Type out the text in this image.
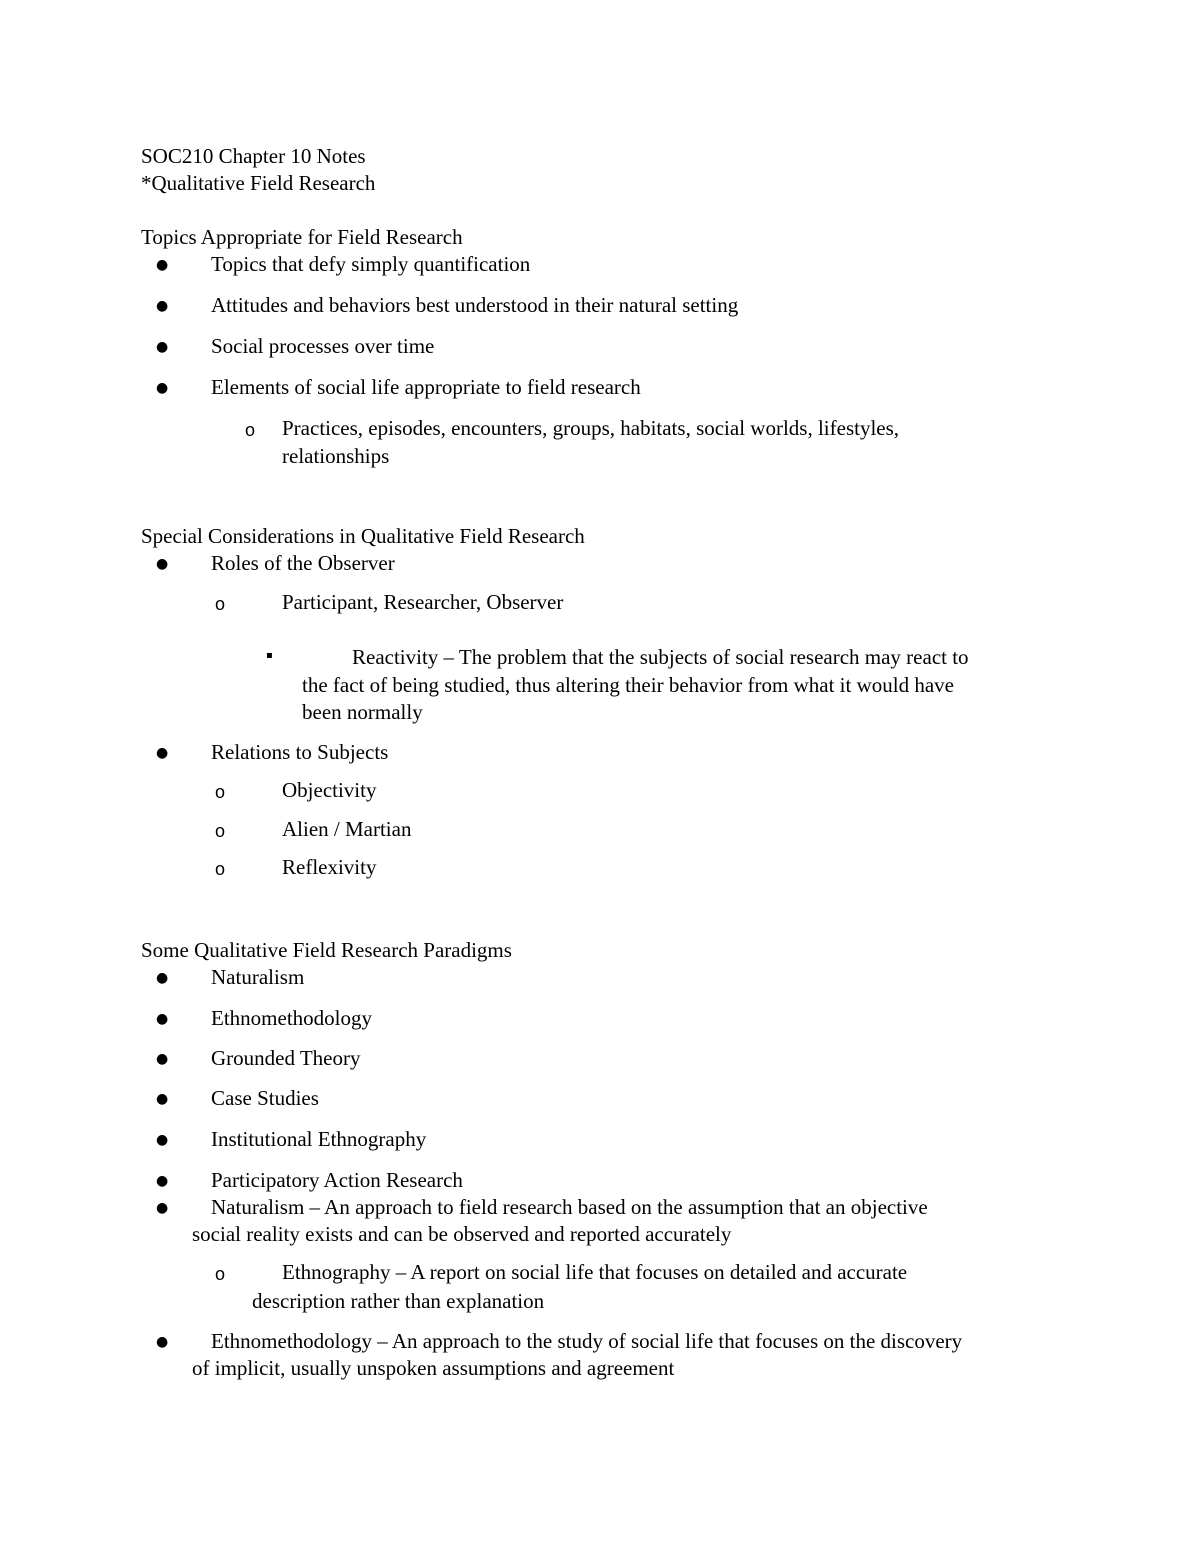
SOC210 Chapter 10 Notes
*Qualitative Field Research
Topics Appropriate for Field Research
● Topics that defy simply quantification
● Attitudes and behaviors best understood in their natural setting
● Social processes over time
● Elements of social life appropriate to field research
o Practices, episodes, encounters, groups, habitats, social worlds, lifestyles,
relationships
Special Considerations in Qualitative Field Research
● Roles of the Observer
o	Participant, Researcher, Observer
▪	Reactivity – The problem that the subjects of social research may react to
the fact of being studied, thus altering their behavior from what it would have
been normally
● Relations to Subjects
o	Objectivity
o	Alien / Martian
o	Reflexivity
Some Qualitative Field Research Paradigms
● Naturalism
● Ethnomethodology
● Grounded Theory
● Case Studies
● Institutional Ethnography
● Participatory Action Research
● Naturalism – An approach to field research based on the assumption that an objective
social reality exists and can be observed and reported accurately
o	Ethnography – A report on social life that focuses on detailed and accurate
description rather than explanation
● Ethnomethodology – An approach to the study of social life that focuses on the discovery
of implicit, usually unspoken assumptions and agreement
